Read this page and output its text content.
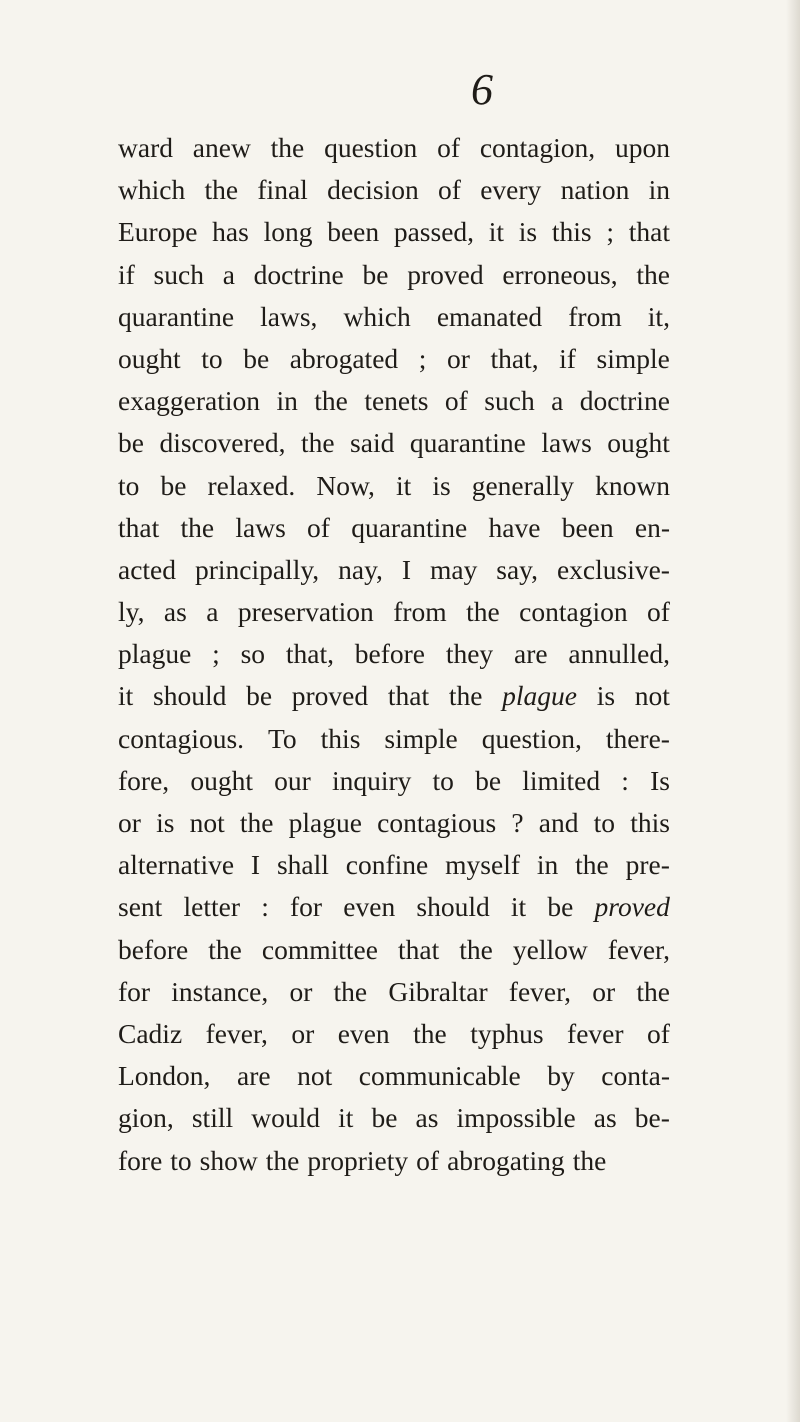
6
ward anew the question of contagion, upon
which the final decision of every nation in
Europe has long been passed, it is this ; that
if such a doctrine be proved erroneous, the
quarantine laws, which emanated from it,
ought to be abrogated ; or that, if simple
exaggeration in the tenets of such a doctrine
be discovered, the said quarantine laws ought
to be relaxed. Now, it is generally known
that the laws of quarantine have been en-
acted principally, nay, I may say, exclusive-
ly, as a preservation from the contagion of
plague ; so that, before they are annulled,
it should be proved that the plague is not
contagious. To this simple question, there-
fore, ought our inquiry to be limited : Is
or is not the plague contagious ? and to this
alternative I shall confine myself in the pre-
sent letter : for even should it be proved
before the committee that the yellow fever,
for instance, or the Gibraltar fever, or the
Cadiz fever, or even the typhus fever of
London, are not communicable by conta-
gion, still would it be as impossible as be-
fore to show the propriety of abrogating the
